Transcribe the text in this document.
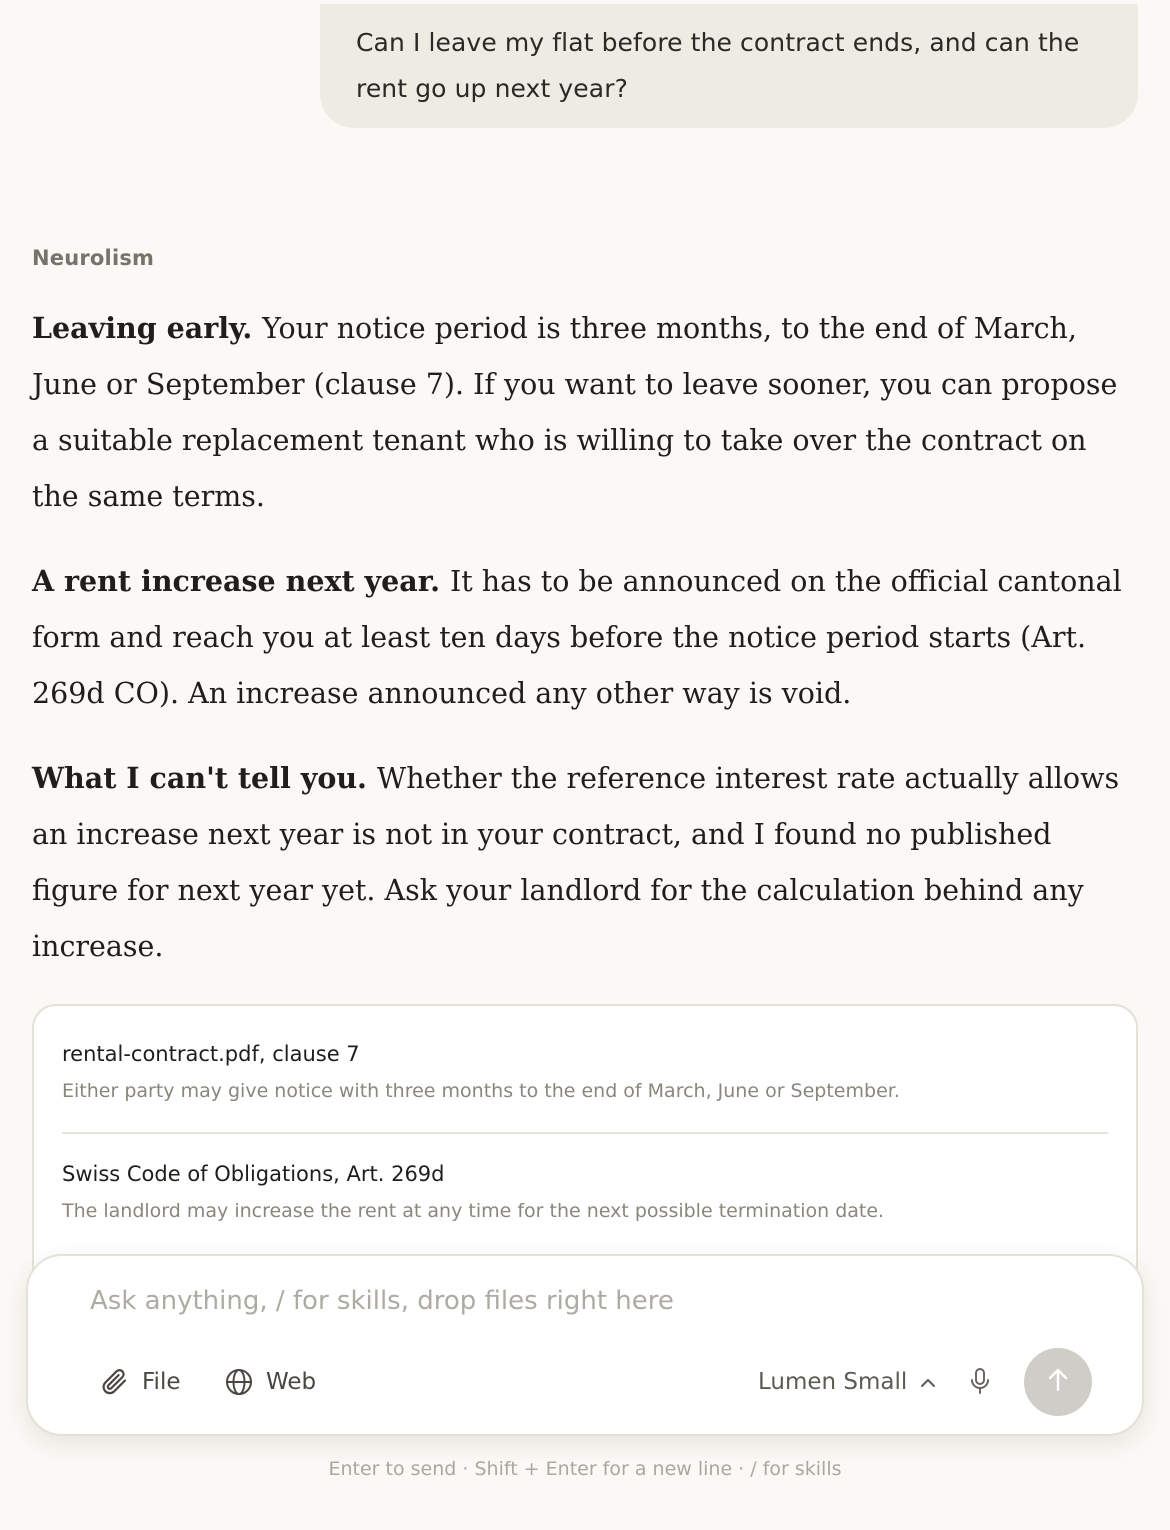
Can I leave my flat before the contract ends, and can the rent go up next year?
Neurolism

Leaving early. Your notice period is three months, to the end of March, June or September (clause 7). If you want to leave sooner, you can propose a suitable replacement tenant who is willing to take over the contract on the same terms.

A rent increase next year. It has to be announced on the official cantonal form and reach you at least ten days before the notice period starts (Art. 269d CO). An increase announced any other way is void.

What I can't tell you. Whether the reference interest rate actually allows an increase next year is not in your contract, and I found no published figure for next year yet. Ask your landlord for the calculation behind any increase.

rental-contract.pdf, clause 7
Either party may give notice with three months to the end of March, June or September.
Swiss Code of Obligations, Art. 269d
The landlord may increase the rent at any time for the next possible termination date.
Ask anything, / for skills, drop files right here
File	Web	Lumen Small
Enter to send · Shift + Enter for a new line · / for skills
